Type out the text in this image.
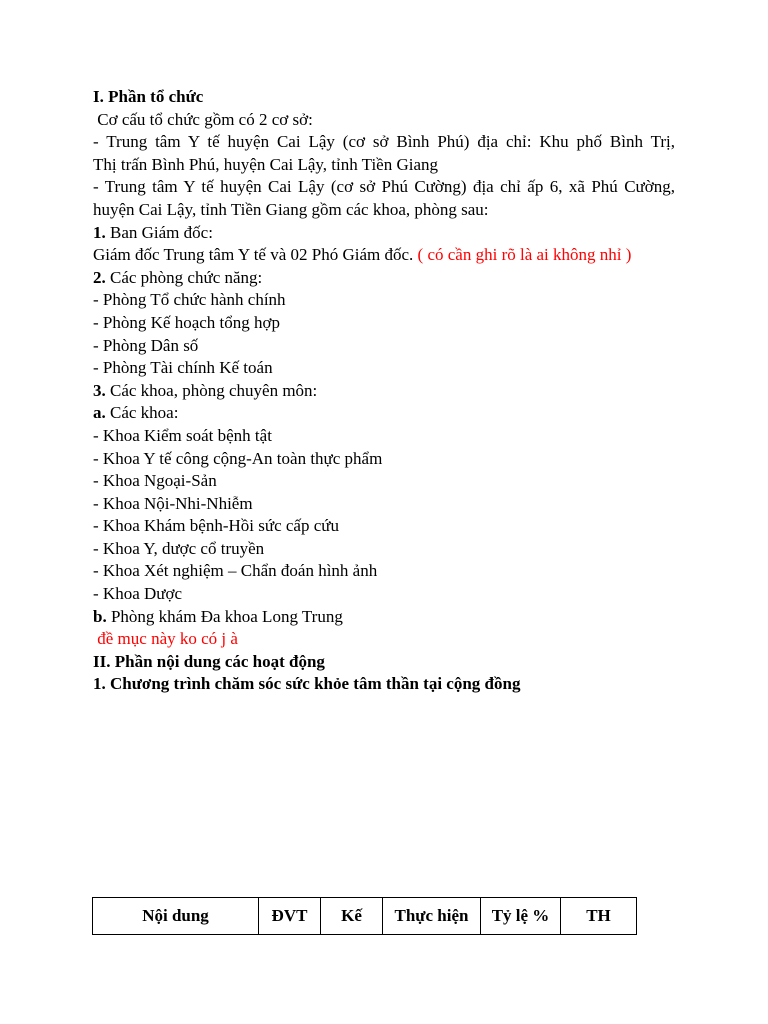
I. Phần tổ chức
Cơ cấu tổ chức gồm có 2 cơ sở:
- Trung tâm Y tế huyện Cai Lậy (cơ sở Bình Phú) địa chỉ: Khu phố Bình Trị,
Thị trấn Bình Phú, huyện Cai Lậy, tỉnh Tiền Giang
- Trung tâm Y tế huyện Cai Lậy (cơ sở Phú Cường) địa chỉ ấp 6, xã Phú Cường,
huyện Cai Lậy, tỉnh Tiền Giang gồm các khoa, phòng sau:
1. Ban Giám đốc:
Giám đốc Trung tâm Y tế và 02 Phó Giám đốc. ( có cần ghi rõ là ai không nhỉ )
2. Các phòng chức năng:
- Phòng Tổ chức hành chính
- Phòng Kế hoạch tổng hợp
- Phòng Dân số
- Phòng Tài chính Kế toán
3. Các khoa, phòng chuyên môn:
a. Các khoa:
- Khoa Kiểm soát bệnh tật
- Khoa Y tế công cộng-An toàn thực phẩm
- Khoa Ngoại-Sản
- Khoa Nội-Nhi-Nhiễm
- Khoa Khám bệnh-Hồi sức cấp cứu
- Khoa Y, dược cổ truyền
- Khoa Xét nghiệm – Chẩn đoán hình ảnh
- Khoa Dược
b. Phòng khám Đa khoa Long Trung
đề mục này ko có j à
II. Phần nội dung các hoạt động
1. Chương trình chăm sóc sức khỏe tâm thần tại cộng đồng
Nội dung	ĐVT	Kế	Thực hiện	Tỷ lệ %	TH
